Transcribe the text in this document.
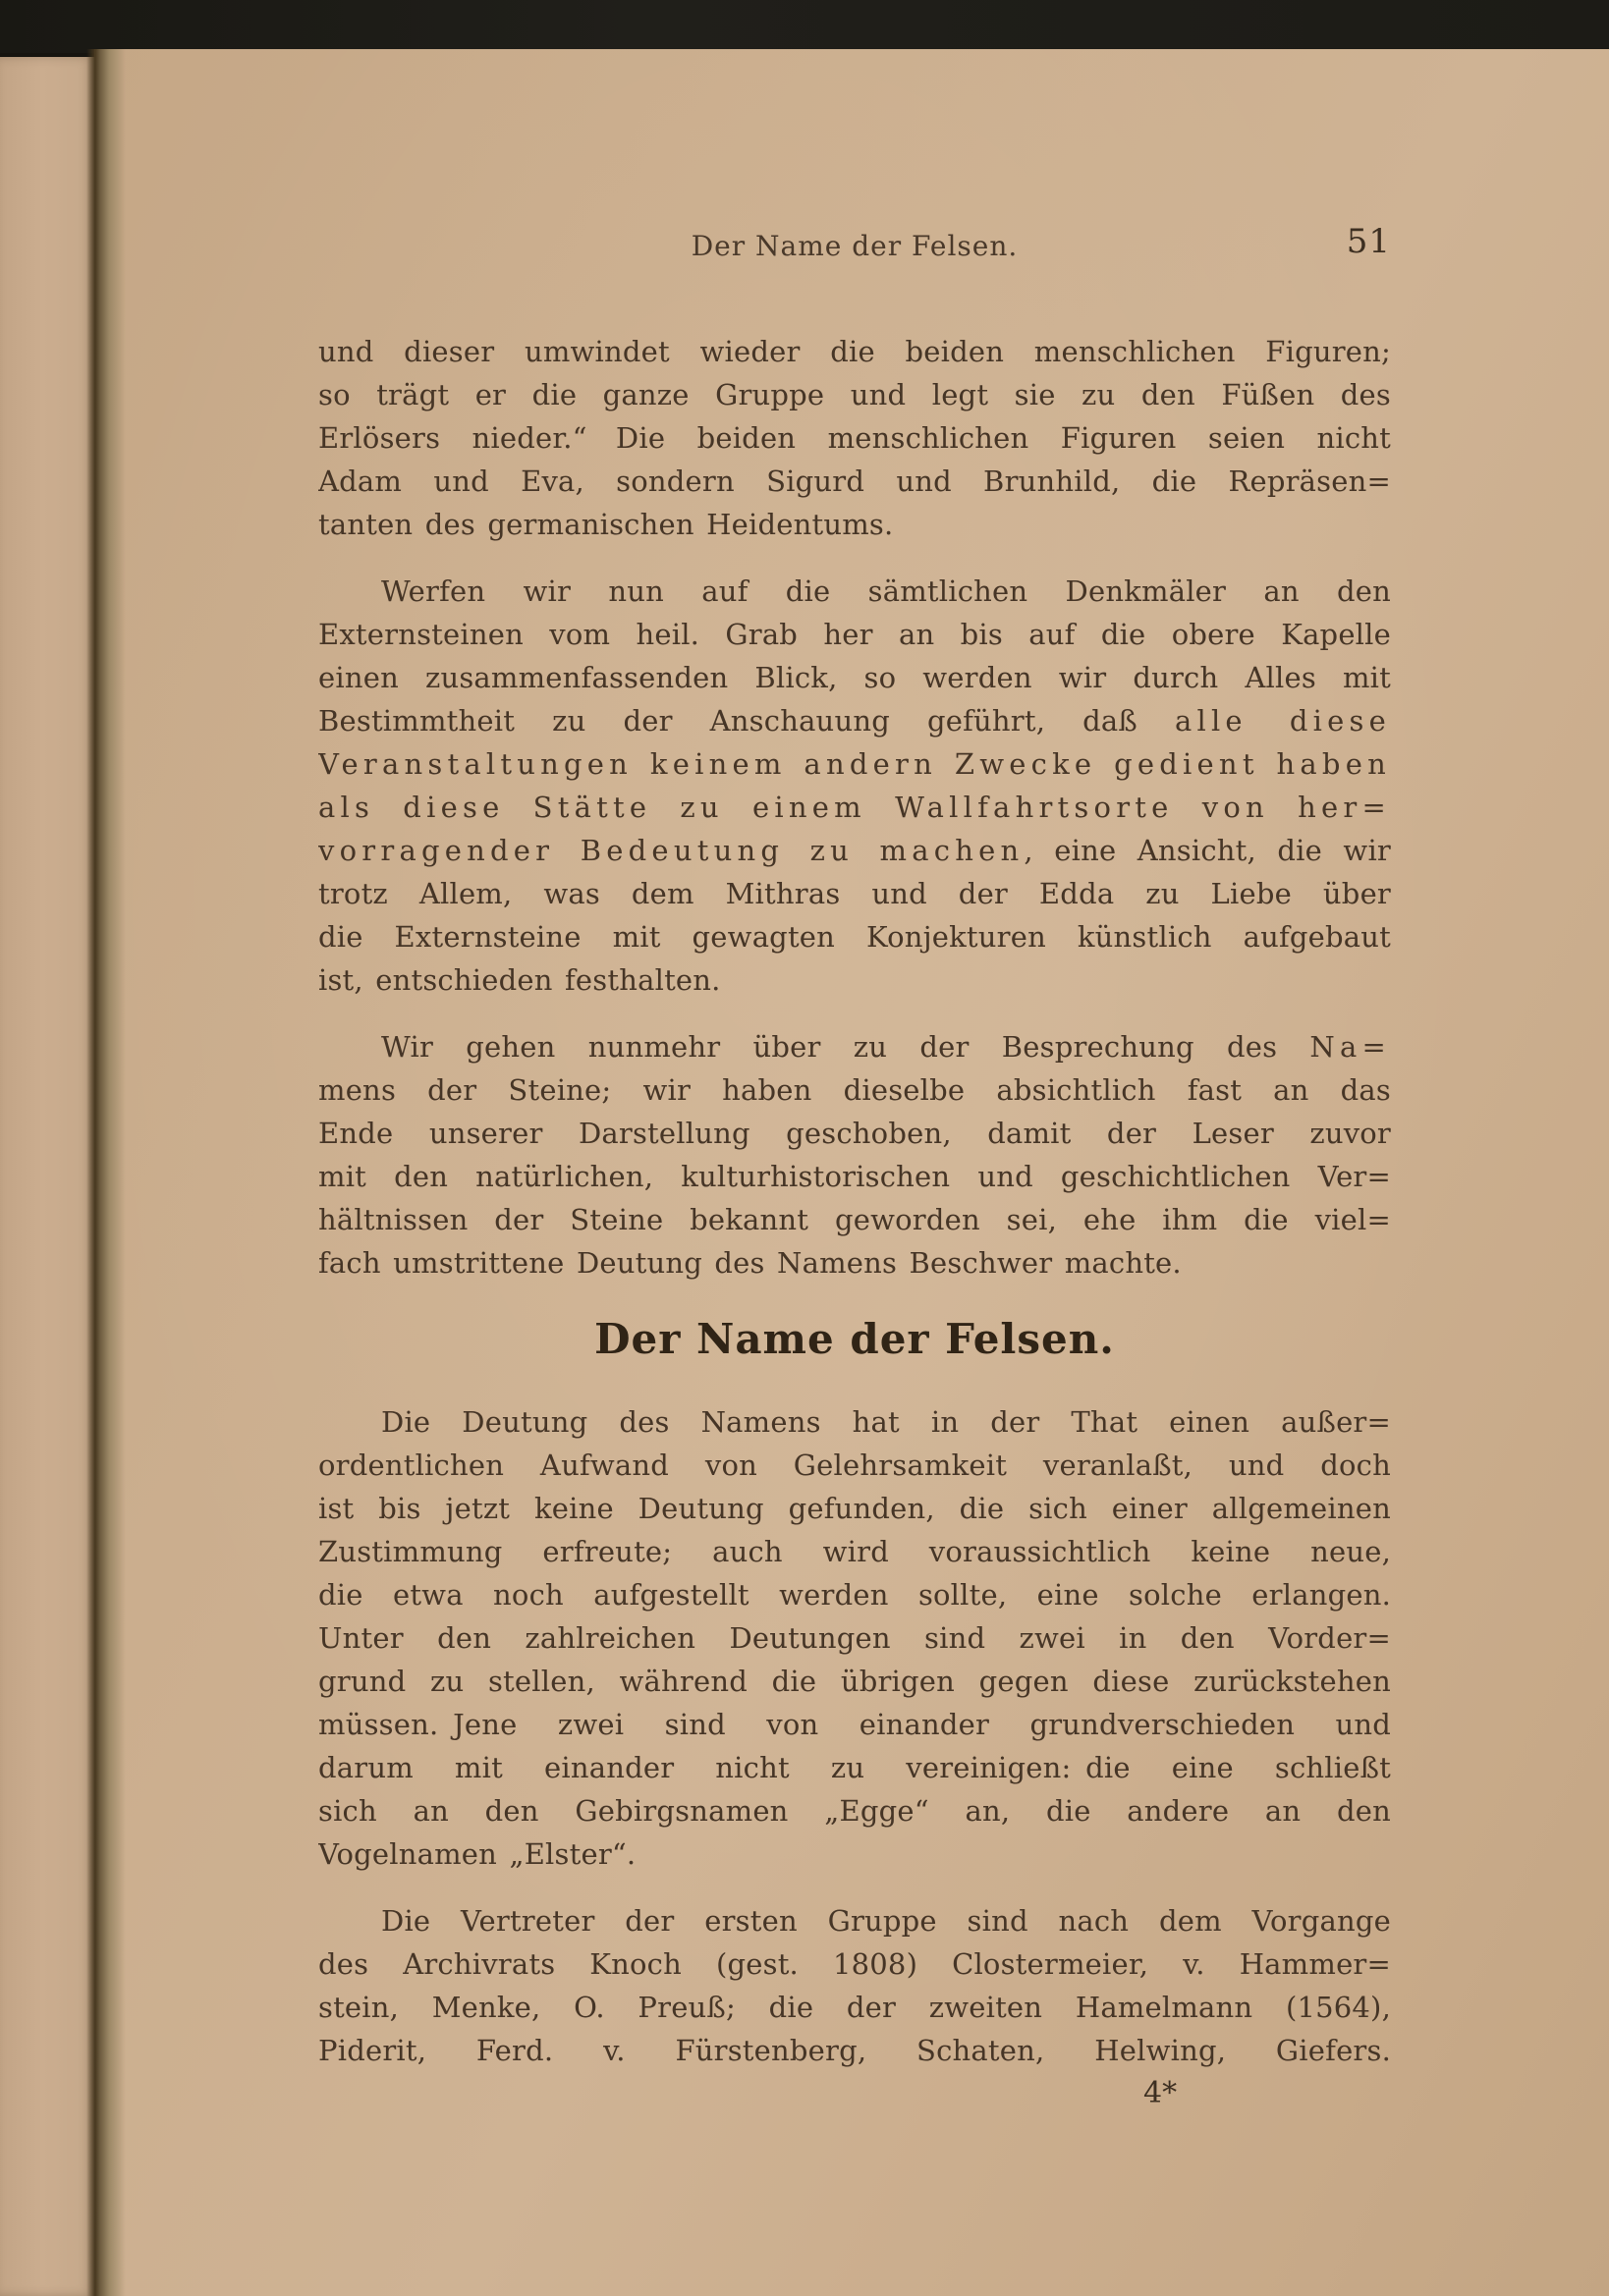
Der Name der Felsen.	51
und dieser umwindet wieder die beiden menschlichen Figuren;
so trägt er die ganze Gruppe und legt sie zu den Füßen des
Erlösers nieder.“ Die beiden menschlichen Figuren seien nicht
Adam und Eva, sondern Sigurd und Brunhild, die Repräsen=
tanten des germanischen Heidentums.
Werfen wir nun auf die sämtlichen Denkmäler an den
Externsteinen vom heil. Grab her an bis auf die obere Kapelle
einen zusammenfassenden Blick, so werden wir durch Alles mit
Bestimmtheit zu der Anschauung geführt, daß alle diese
Veranstaltungen keinem andern Zwecke gedient haben
als diese Stätte zu einem Wallfahrtsorte von her=
vorragender Bedeutung zu machen, eine Ansicht, die wir
trotz Allem, was dem Mithras und der Edda zu Liebe über
die Externsteine mit gewagten Konjekturen künstlich aufgebaut
ist, entschieden festhalten.
Wir gehen nunmehr über zu der Besprechung des Na=
mens der Steine; wir haben dieselbe absichtlich fast an das
Ende unserer Darstellung geschoben, damit der Leser zuvor
mit den natürlichen, kulturhistorischen und geschichtlichen Ver=
hältnissen der Steine bekannt geworden sei, ehe ihm die viel=
fach umstrittene Deutung des Namens Beschwer machte.
Der Name der Felsen.
Die Deutung des Namens hat in der That einen außer=
ordentlichen Aufwand von Gelehrsamkeit veranlaßt, und doch
ist bis jetzt keine Deutung gefunden, die sich einer allgemeinen
Zustimmung erfreute; auch wird voraussichtlich keine neue,
die etwa noch aufgestellt werden sollte, eine solche erlangen.
Unter den zahlreichen Deutungen sind zwei in den Vorder=
grund zu stellen, während die übrigen gegen diese zurückstehen
müssen. Jene zwei sind von einander grundverschieden und
darum mit einander nicht zu vereinigen: die eine schließt
sich an den Gebirgsnamen „Egge“ an, die andere an den
Vogelnamen „Elster“.
Die Vertreter der ersten Gruppe sind nach dem Vorgange
des Archivrats Knoch (gest. 1808) Clostermeier, v. Hammer=
stein, Menke, O. Preuß; die der zweiten Hamelmann (1564),
Piderit, Ferd. v. Fürstenberg, Schaten, Helwing, Giefers.
4*
